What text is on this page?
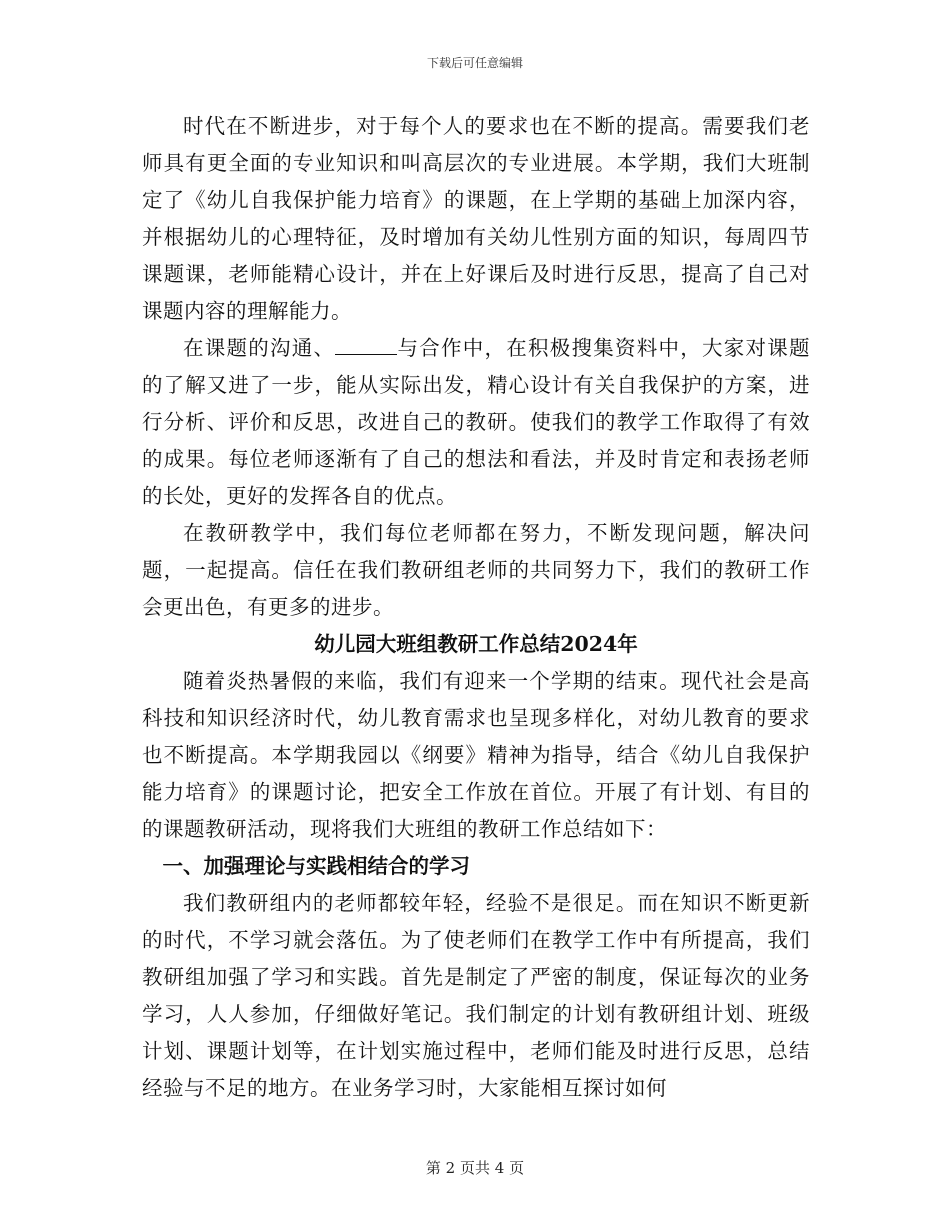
下载后可任意编辑

时代在不断进步，对于每个人的要求也在不断的提高。需要我们老师具有更全面的专业知识和叫高层次的专业进展。本学期，我们大班制定了《幼儿自我保护能力培育》的课题，在上学期的基础上加深内容，并根据幼儿的心理特征，及时增加有关幼儿性别方面的知识，每周四节课题课，老师能精心设计，并在上好课后及时进行反思，提高了自己对课题内容的理解能力。

在课题的沟通、	与合作中，在积极搜集资料中，大家对课题的了解又进了一步，能从实际出发，精心设计有关自我保护的方案，进行分析、评价和反思，改进自己的教研。使我们的教学工作取得了有效的成果。每位老师逐渐有了自己的想法和看法，并及时肯定和表扬老师的长处，更好的发挥各自的优点。

在教研教学中，我们每位老师都在努力，不断发现问题，解决问题，一起提高。信任在我们教研组老师的共同努力下，我们的教研工作会更出色，有更多的进步。

幼儿园大班组教研工作总结2024年

随着炎热暑假的来临，我们有迎来一个学期的结束。现代社会是高科技和知识经济时代，幼儿教育需求也呈现多样化，对幼儿教育的要求也不断提高。本学期我园以《纲要》精神为指导，结合《幼儿自我保护能力培育》的课题讨论，把安全工作放在首位。开展了有计划、有目的的课题教研活动，现将我们大班组的教研工作总结如下：

一、加强理论与实践相结合的学习

我们教研组内的老师都较年轻，经验不是很足。而在知识不断更新的时代，不学习就会落伍。为了使老师们在教学工作中有所提高，我们教研组加强了学习和实践。首先是制定了严密的制度，保证每次的业务学习，人人参加，仔细做好笔记。我们制定的计划有教研组计划、班级计划、课题计划等，在计划实施过程中，老师们能及时进行反思，总结经验与不足的地方。在业务学习时，大家能相互探讨如何

第 2 页共 4 页
